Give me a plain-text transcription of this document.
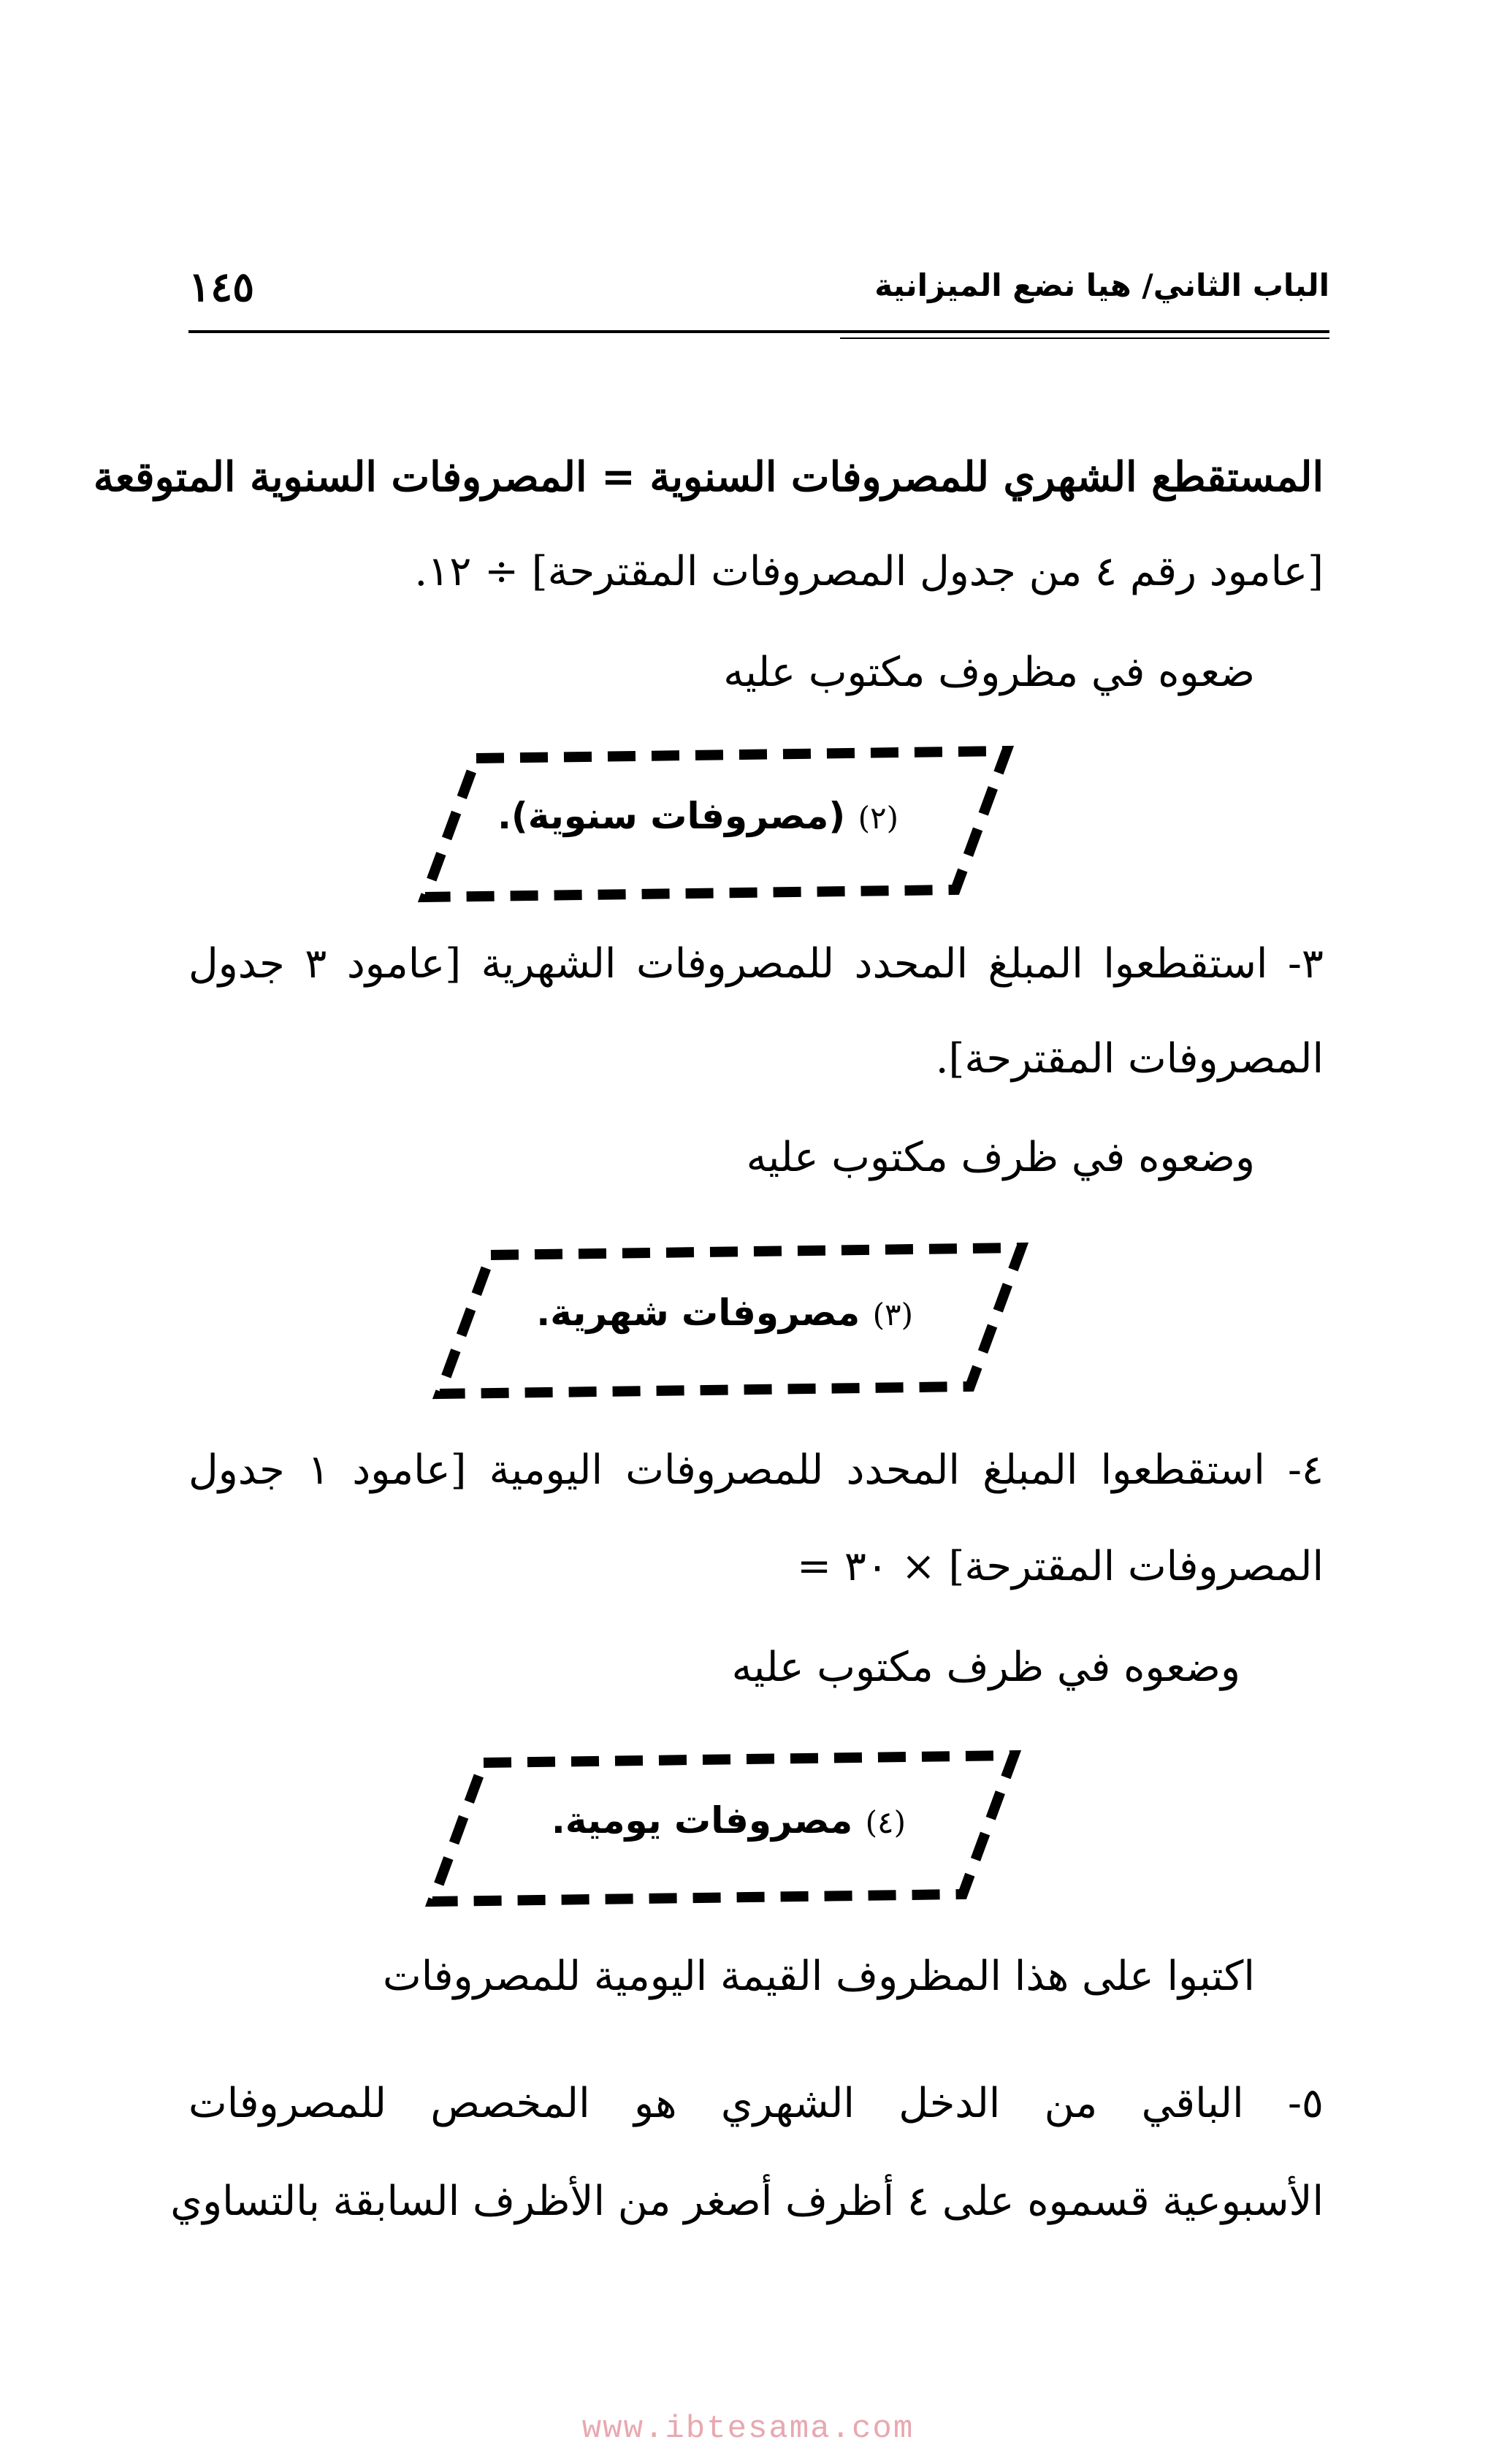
١٤٥	الباب الثاني/ هيا نضع الميزانية
المستقطع الشهري للمصروفات السنوية = المصروفات السنوية المتوقعة
[عامود رقم ٤ من جدول المصروفات المقترحة] ÷ ١٢.
ضعوه في مظروف مكتوب عليه
(٢) (مصروفات سنوية).
٣- استقطعوا المبلغ المحدد للمصروفات الشهرية [عامود ٣ جدول
المصروفات المقترحة].
وضعوه في ظرف مكتوب عليه
(٣) مصروفات شهرية.
٤- استقطعوا المبلغ المحدد للمصروفات اليومية [عامود ١ جدول
المصروفات المقترحة] × ٣٠ =
وضعوه في ظرف مكتوب عليه
(٤) مصروفات يومية.
اكتبوا على هذا المظروف القيمة اليومية للمصروفات
٥- الباقي من الدخل الشهري هو المخصص للمصروفات
الأسبوعية قسموه على ٤ أظرف أصغر من الأظرف السابقة بالتساوي
www.ibtesama.com
